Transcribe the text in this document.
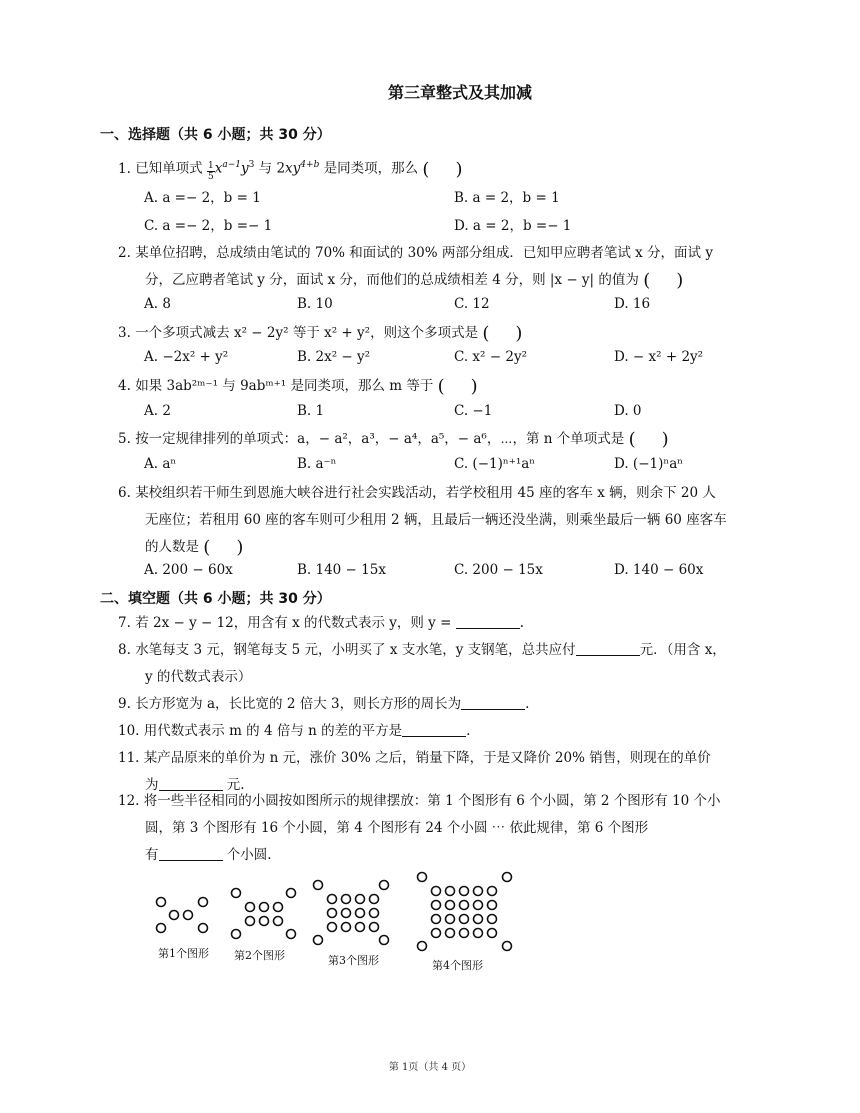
第三章整式及其加减
一、选择题（共 6 小题；共 30 分）
1. 已知单项式 $\frac{1}{5} x^{a-1}y^3$ 与 $2xy^{4+b}$ 是同类项，那么 ( )
A. a =− 2，b = 1	B. a = 2，b = 1
C. a =− 2，b =− 1	D. a = 2，b =− 1
2. 某单位招聘，总成绩由笔试的 70% 和面试的 30% 两部分组成．已知甲应聘者笔试 x 分，面试 y
分，乙应聘者笔试 y 分，面试 x 分，而他们的总成绩相差 4 分，则 |x − y| 的值为 ( )
A. 8	B. 10	C. 12	D. 16
3. 一个多项式减去 x² − 2y² 等于 x² + y²，则这个多项式是 ( )
A. −2x² + y²	B. 2x² − y²	C. x² − 2y²	D. − x² + 2y²
4. 如果 3ab²ᵐ⁻¹ 与 9abᵐ⁺¹ 是同类项，那么 m 等于 ( )
A. 2	B. 1	C. −1	D. 0
5. 按一定规律排列的单项式：a，− a²，a³，− a⁴，a⁵，− a⁶，⋯，第 n 个单项式是 ( )
A. aⁿ	B. a⁻ⁿ	C. (−1)ⁿ⁺¹aⁿ	D. (−1)ⁿaⁿ
6. 某校组织若干师生到恩施大峡谷进行社会实践活动，若学校租用 45 座的客车 x 辆，则余下 20 人
无座位；若租用 60 座的客车则可少租用 2 辆，且最后一辆还没坐满，则乘坐最后一辆 60 座客车
的人数是 ( )
A. 200 − 60x	B. 140 − 15x	C. 200 − 15x	D. 140 − 60x
二、填空题（共 6 小题；共 30 分）
7. 若 2x − y − 12，用含有 x 的代数式表示 y，则 y =	.
8. 水笔每支 3 元，钢笔每支 5 元，小明买了 x 支水笔，y 支钢笔，总共应付	元．（用含 x，
y 的代数式表示）
9. 长方形宽为 a，长比宽的 2 倍大 3，则长方形的周长为	.
10. 用代数式表示 m 的 4 倍与 n 的差的平方是	.
11. 某产品原来的单价为 n 元，涨价 30% 之后，销量下降，于是又降价 20% 销售，则现在的单价
为	元.
12. 将一些半径相同的小圆按如图所示的规律摆放：第 1 个图形有 6 个小圆，第 2 个图形有 10 个小
圆，第 3 个图形有 16 个小圆，第 4 个图形有 24 个小圆 ⋯ 依此规律，第 6 个图形
有	个小圆.
第1个图形 第2个图形	第3个图形	第4个图形
第 1页（共 4 页）
